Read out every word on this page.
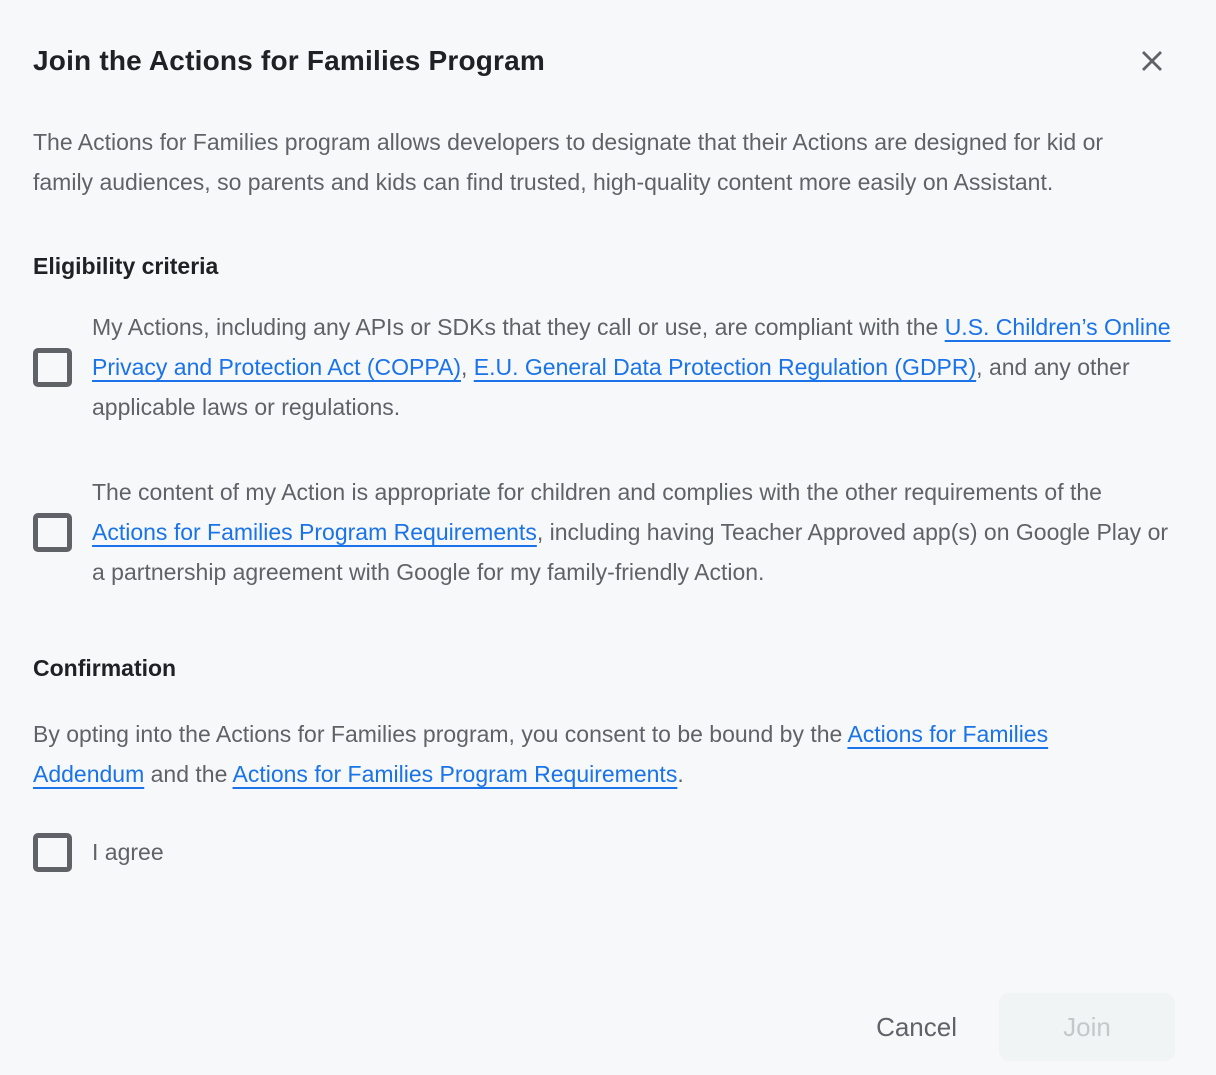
Join the Actions for Families Program

The Actions for Families program allows developers to designate that their Actions are designed for kid or family audiences, so parents and kids can find trusted, high-quality content more easily on Assistant.

Eligibility criteria
My Actions, including any APIs or SDKs that they call or use, are compliant with the U.S. Children’s Online Privacy and Protection Act (COPPA), E.U. General Data Protection Regulation (GDPR), and any other applicable laws or regulations.
The content of my Action is appropriate for children and complies with the other requirements of the Actions for Families Program Requirements, including having Teacher Approved app(s) on Google Play or a partnership agreement with Google for my family-friendly Action.
Confirmation

By opting into the Actions for Families program, you consent to be bound by the Actions for Families Addendum and the Actions for Families Program Requirements.

I agree
Cancel	Join
